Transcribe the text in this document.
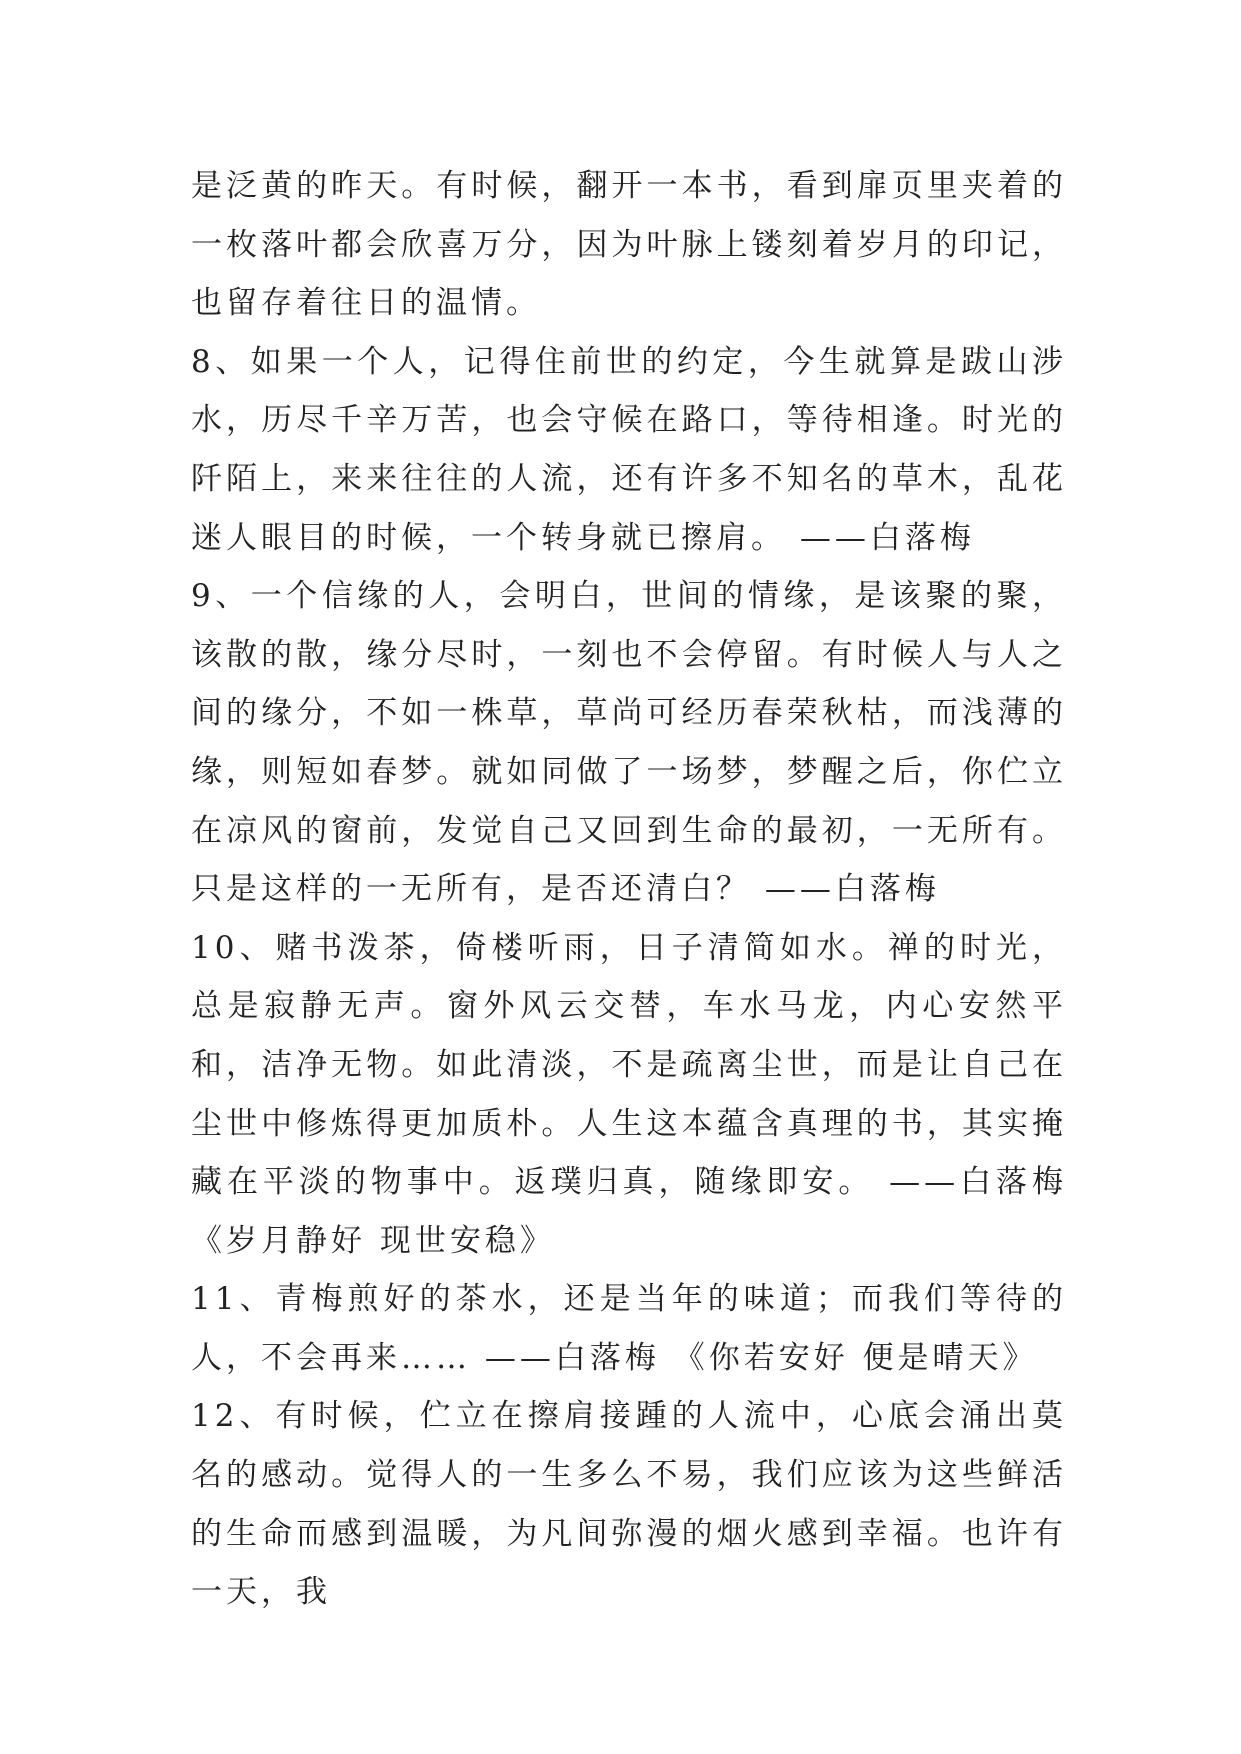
是泛黄的昨天。有时候，翻开一本书，看到扉页里夹着的一枚落叶都会欣喜万分，因为叶脉上镂刻着岁月的印记，也留存着往日的温情。

8、如果一个人，记得住前世的约定，今生就算是跋山涉水，历尽千辛万苦，也会守候在路口，等待相逢。时光的阡陌上，来来往往的人流，还有许多不知名的草木，乱花迷人眼目的时候，一个转身就已擦肩。 ——白落梅

9、一个信缘的人，会明白，世间的情缘，是该聚的聚，该散的散，缘分尽时，一刻也不会停留。有时候人与人之间的缘分，不如一株草，草尚可经历春荣秋枯，而浅薄的缘，则短如春梦。就如同做了一场梦，梦醒之后，你伫立在凉风的窗前，发觉自己又回到生命的最初，一无所有。只是这样的一无所有，是否还清白？ ——白落梅

10、赌书泼茶，倚楼听雨，日子清简如水。禅的时光，总是寂静无声。窗外风云交替，车水马龙，内心安然平和，洁净无物。如此清淡，不是疏离尘世，而是让自己在尘世中修炼得更加质朴。人生这本蕴含真理的书，其实掩藏在平淡的物事中。返璞归真，随缘即安。 ——白落梅 《岁月静好 现世安稳》

11、青梅煎好的茶水，还是当年的味道；而我们等待的人，不会再来…… ——白落梅 《你若安好 便是晴天》

12、有时候，伫立在擦肩接踵的人流中，心底会涌出莫名的感动。觉得人的一生多么不易，我们应该为这些鲜活的生命而感到温暖，为凡间弥漫的烟火感到幸福。也许有一天，我
